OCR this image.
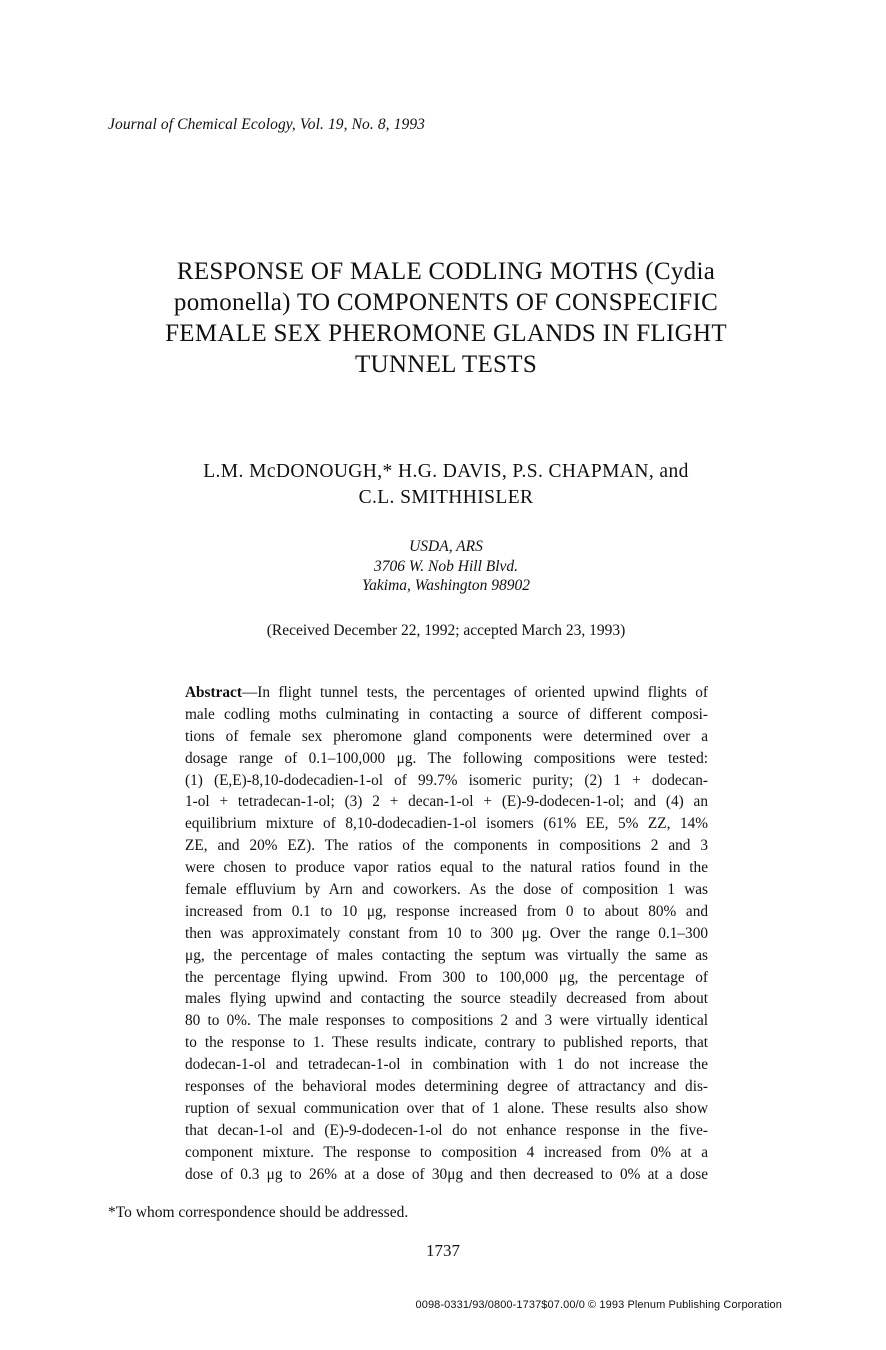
Journal of Chemical Ecology, Vol. 19, No. 8, 1993
RESPONSE OF MALE CODLING MOTHS (Cydia
pomonella) TO COMPONENTS OF CONSPECIFIC
FEMALE SEX PHEROMONE GLANDS IN FLIGHT
TUNNEL TESTS
L.M. McDONOUGH,* H.G. DAVIS, P.S. CHAPMAN, and
C.L. SMITHHISLER
USDA, ARS
3706 W. Nob Hill Blvd.
Yakima, Washington 98902
(Received December 22, 1992; accepted March 23, 1993)
Abstract—In flight tunnel tests, the percentages of oriented upwind flights of
male codling moths culminating in contacting a source of different composi-
tions of female sex pheromone gland components were determined over a
dosage range of 0.1–100,000 μg. The following compositions were tested:
(1) (E,E)-8,10-dodecadien-1-ol of 99.7% isomeric purity; (2) 1 + dodecan-
1-ol + tetradecan-1-ol; (3) 2 + decan-1-ol + (E)-9-dodecen-1-ol; and (4) an
equilibrium mixture of 8,10-dodecadien-1-ol isomers (61% EE, 5% ZZ, 14%
ZE, and 20% EZ). The ratios of the components in compositions 2 and 3
were chosen to produce vapor ratios equal to the natural ratios found in the
female effluvium by Arn and coworkers. As the dose of composition 1 was
increased from 0.1 to 10 μg, response increased from 0 to about 80% and
then was approximately constant from 10 to 300 μg. Over the range 0.1–300
μg, the percentage of males contacting the septum was virtually the same as
the percentage flying upwind. From 300 to 100,000 μg, the percentage of
males flying upwind and contacting the source steadily decreased from about
80 to 0%. The male responses to compositions 2 and 3 were virtually identical
to the response to 1. These results indicate, contrary to published reports, that
dodecan-1-ol and tetradecan-1-ol in combination with 1 do not increase the
responses of the behavioral modes determining degree of attractancy and dis-
ruption of sexual communication over that of 1 alone. These results also show
that decan-1-ol and (E)-9-dodecen-1-ol do not enhance response in the five-
component mixture. The response to composition 4 increased from 0% at a
dose of 0.3 μg to 26% at a dose of 30μg and then decreased to 0% at a dose
*To whom correspondence should be addressed.
1737
0098-0331/93/0800-1737$07.00/0 © 1993 Plenum Publishing Corporation
